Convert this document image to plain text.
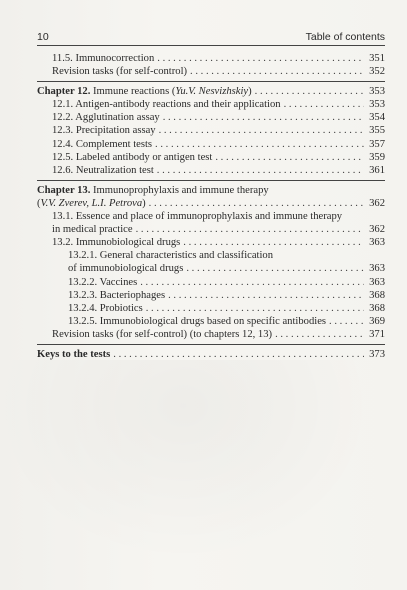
10	Table of contents
11.5. Immunocorrection . . .	351
Revision tasks (for self-control) . . .	352
Chapter 12. Immune reactions (Yu.V. Nesvizhskiy) . . .	353
12.1. Antigen-antibody reactions and their application . . .	353
12.2. Agglutination assay . . .	354
12.3. Precipitation assay . . .	355
12.4. Complement tests . . .	357
12.5. Labeled antibody or antigen test . . .	359
12.6. Neutralization test . . .	361
Chapter 13. Immunoprophylaxis and immune therapy
(V.V. Zverev, L.I. Petrova) . . .	362
13.1. Essence and place of immunoprophylaxis and immune therapy
in medical practice . . .	362
13.2. Immunobiological drugs . . .	363
13.2.1. General characteristics and classification
of immunobiological drugs . . .	363
13.2.2. Vaccines . . .	363
13.2.3. Bacteriophages . . .	368
13.2.4. Probiotics . . .	368
13.2.5. Immunobiological drugs based on specific antibodies . . .	369
Revision tasks (for self-control) (to chapters 12, 13) . . .	371
Keys to the tests . . .	373
